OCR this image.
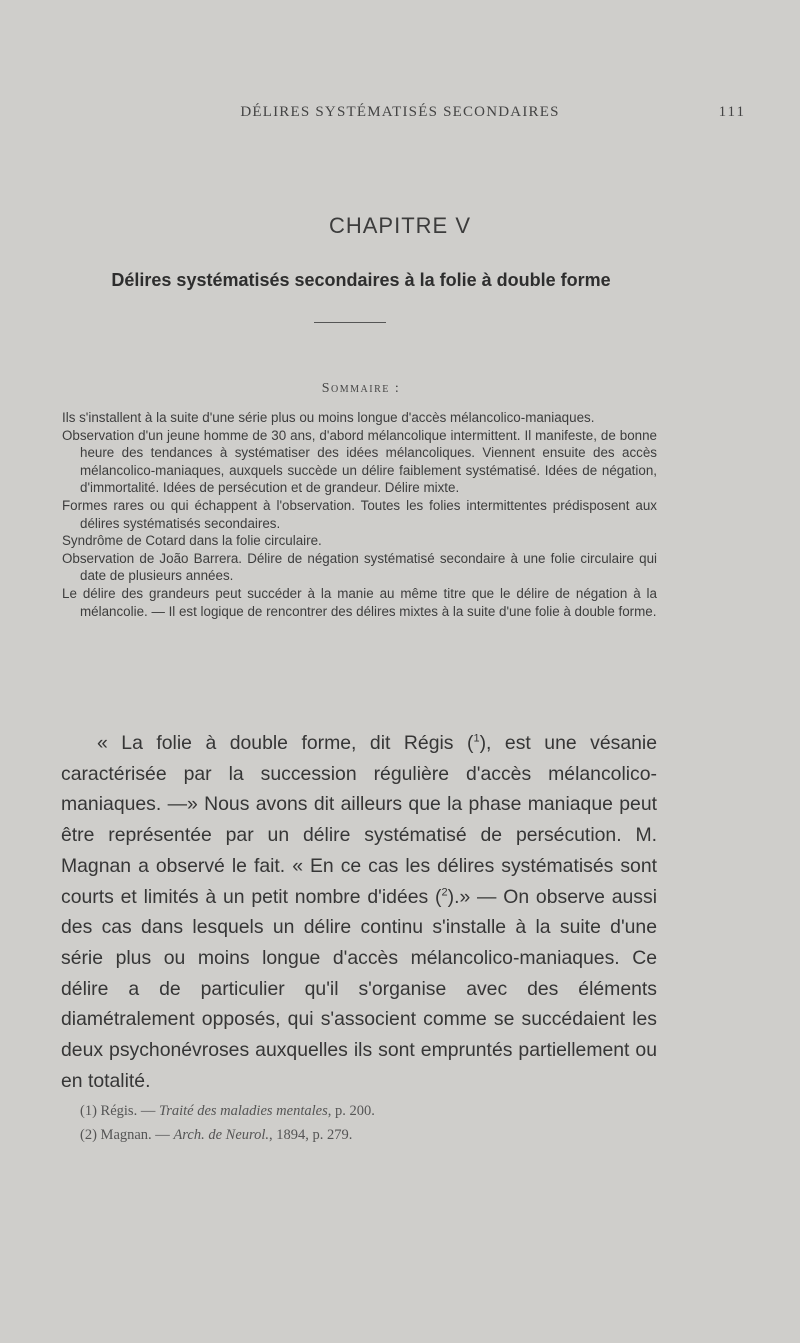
DÉLIRES SYSTÉMATISÉS SECONDAIRES	111
CHAPITRE V
Délires systématisés secondaires à la folie à double forme
Sommaire :

Ils s'installent à la suite d'une série plus ou moins longue d'accès mélancolico-maniaques.

Observation d'un jeune homme de 30 ans, d'abord mélancolique intermittent. Il manifeste, de bonne heure des tendances à systématiser des idées mélancoliques. Viennent ensuite des accès mélancolico-maniaques, auxquels succède un délire faiblement systématisé. Idées de négation, d'immortalité. Idées de persécution et de grandeur. Délire mixte.

Formes rares ou qui échappent à l'observation. Toutes les folies intermittentes prédisposent aux délires systématisés secondaires.

Syndrôme de Cotard dans la folie circulaire.

Observation de João Barrera. Délire de négation systématisé secondaire à une folie circulaire qui date de plusieurs années.

Le délire des grandeurs peut succéder à la manie au même titre que le délire de négation à la mélancolie. — Il est logique de rencontrer des délires mixtes à la suite d'une folie à double forme.

« La folie à double forme, dit Régis ($^1$), est une vésanie caractérisée par la succession régulière d'accès mélancolico-maniaques. —» Nous avons dit ailleurs que la phase maniaque peut être représentée par un délire systématisé de persécution. M. Magnan a observé le fait. « En ce cas les délires systématisés sont courts et limités à un petit nombre d'idées ($^2$).» — On observe aussi des cas dans lesquels un délire continu s'installe à la suite d'une série plus ou moins longue d'accès mélancolico-maniaques. Ce délire a de particulier qu'il s'organise avec des éléments diamétralement opposés, qui s'associent comme se succédaient les deux psychonévroses auxquelles ils sont empruntés partiellement ou en totalité.

(1) Régis. — Traité des maladies mentales, p. 200.

(2) Magnan. — Arch. de Neurol., 1894, p. 279.
